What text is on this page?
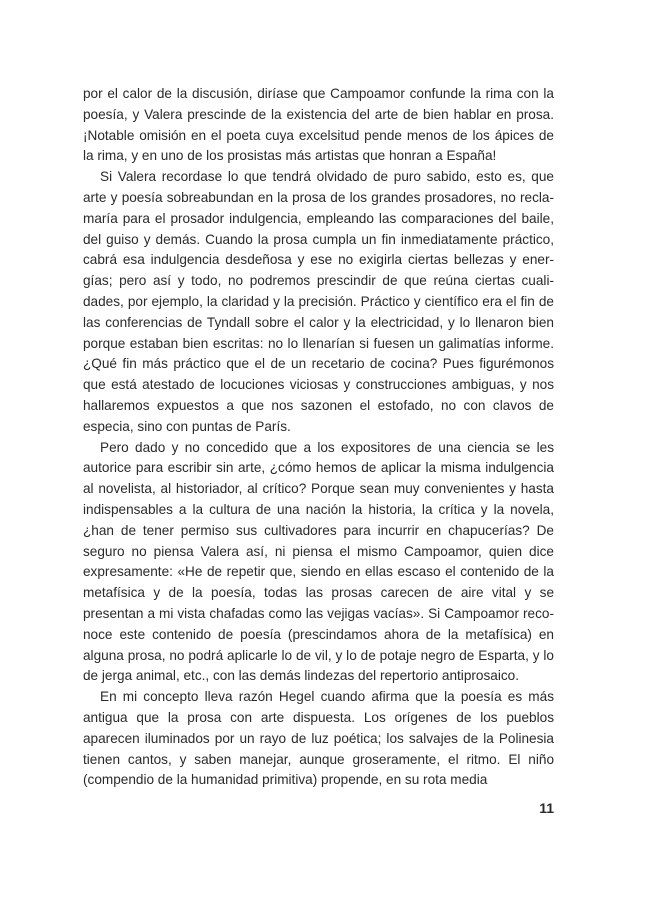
por el calor de la discusión, diríase que Campoamor confunde la rima con la poesía, y Valera prescinde de la existencia del arte de bien hablar en prosa. ¡Notable omisión en el poeta cuya excelsitud pende menos de los ápices de la rima, y en uno de los prosistas más artistas que honran a España!

Si Valera recordase lo que tendrá olvidado de puro sabido, esto es, que arte y poesía sobreabundan en la prosa de los grandes prosadores, no reclamaría para el prosador indulgencia, empleando las comparaciones del baile, del guiso y demás. Cuando la prosa cumpla un fin inmediatamente práctico, cabrá esa indulgencia desdeñosa y ese no exigirla ciertas bellezas y energías; pero así y todo, no podremos prescindir de que reúna ciertas cualidades, por ejemplo, la claridad y la precisión. Práctico y científico era el fin de las conferencias de Tyndall sobre el calor y la electricidad, y lo llenaron bien porque estaban bien escritas: no lo llenarían si fuesen un galimatías informe. ¿Qué fin más práctico que el de un recetario de cocina? Pues figurémonos que está atestado de locuciones viciosas y construcciones ambiguas, y nos hallaremos expuestos a que nos sazonen el estofado, no con clavos de especia, sino con puntas de París.

Pero dado y no concedido que a los expositores de una ciencia se les autorice para escribir sin arte, ¿cómo hemos de aplicar la misma indulgencia al novelista, al historiador, al crítico? Porque sean muy convenientes y hasta indispensables a la cultura de una nación la historia, la crítica y la novela, ¿han de tener permiso sus cultivadores para incurrir en chapucerías? De seguro no piensa Valera así, ni piensa el mismo Campoamor, quien dice expresamente: «He de repetir que, siendo en ellas escaso el contenido de la metafísica y de la poesía, todas las prosas carecen de aire vital y se presentan a mi vista chafadas como las vejigas vacías». Si Campoamor reconoce este contenido de poesía (prescindamos ahora de la metafísica) en alguna prosa, no podrá aplicarle lo de vil, y lo de potaje negro de Esparta, y lo de jerga animal, etc., con las demás lindezas del repertorio antiprosaico.

En mi concepto lleva razón Hegel cuando afirma que la poesía es más antigua que la prosa con arte dispuesta. Los orígenes de los pueblos aparecen iluminados por un rayo de luz poética; los salvajes de la Polinesia tienen cantos, y saben manejar, aunque groseramente, el ritmo. El niño (compendio de la humanidad primitiva) propende, en su rota media

11
